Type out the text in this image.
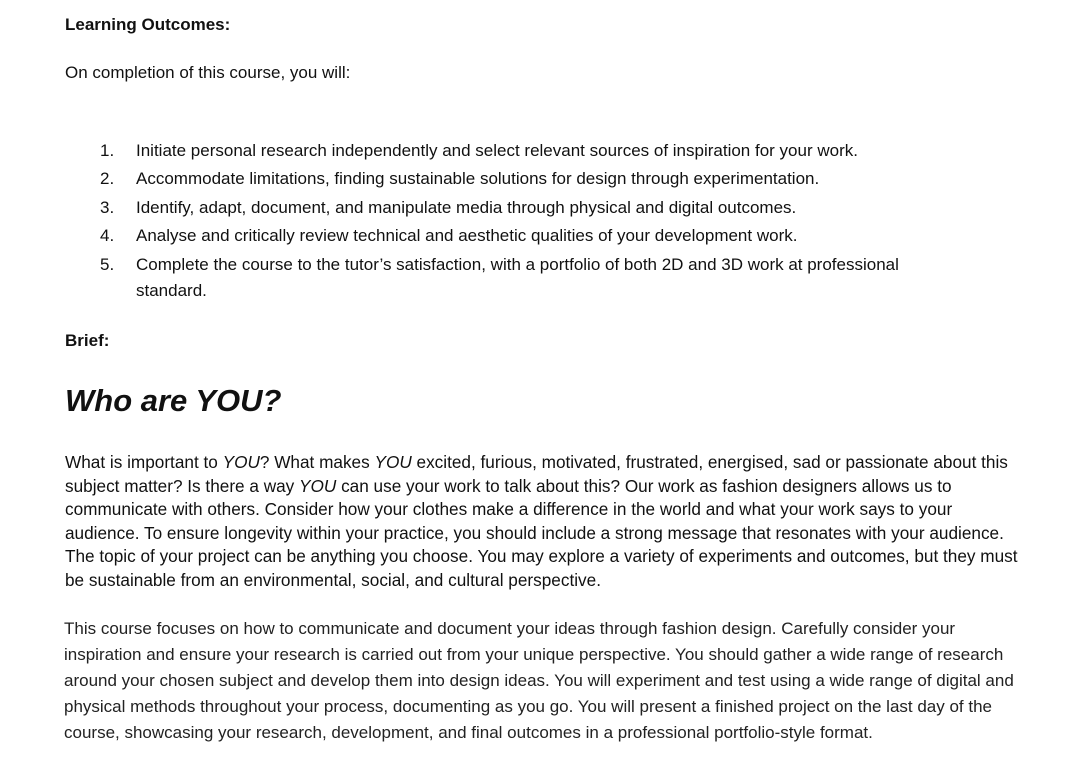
Learning Outcomes:
On completion of this course, you will:
1.	Initiate personal research independently and select relevant sources of inspiration for your work.
2.	Accommodate limitations, finding sustainable solutions for design through experimentation.
3.	Identify, adapt, document, and manipulate media through physical and digital outcomes.
4.	Analyse and critically review technical and aesthetic qualities of your development work.
5.	Complete the course to the tutor’s satisfaction, with a portfolio of both 2D and 3D work at professional standard.
Brief:
Who are YOU?
What is important to YOU? What makes YOU excited, furious, motivated, frustrated, energised, sad or passionate about this subject matter? Is there a way YOU can use your work to talk about this? Our work as fashion designers allows us to communicate with others. Consider how your clothes make a difference in the world and what your work says to your audience. To ensure longevity within your practice, you should include a strong message that resonates with your audience. The topic of your project can be anything you choose. You may explore a variety of experiments and outcomes, but they must be sustainable from an environmental, social, and cultural perspective.
This course focuses on how to communicate and document your ideas through fashion design. Carefully consider your inspiration and ensure your research is carried out from your unique perspective. You should gather a wide range of research around your chosen subject and develop them into design ideas. You will experiment and test using a wide range of digital and physical methods throughout your process, documenting as you go. You will present a finished project on the last day of the course, showcasing your research, development, and final outcomes in a professional portfolio-style format.
